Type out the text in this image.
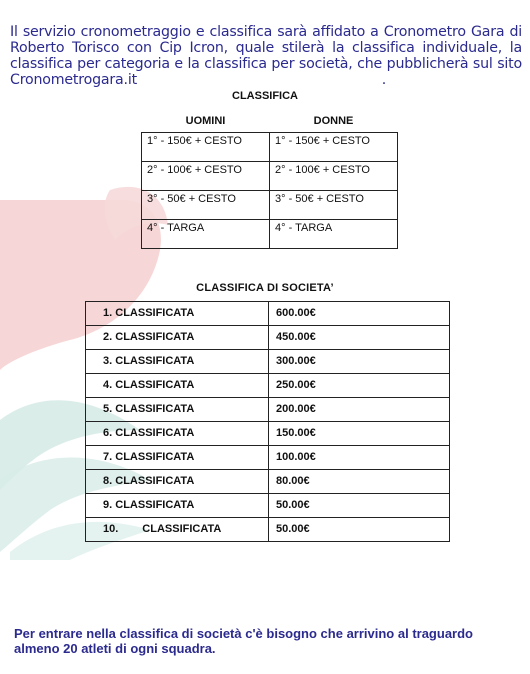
Il servizio cronometraggio e classifica sarà affidato a Cronometro Gara di Roberto Torisco con Cip Icron, quale stilerà la classifica individuale, la classifica per categoria e la classifica per società, che pubblicherà sul sito Cronometrogara.it	.

CLASSIFICA
UOMINI	DONNE
1° - 150€ + CESTO	1° - 150€ + CESTO
2° - 100€ + CESTO	2° - 100€ + CESTO
3° - 50€ + CESTO	3° - 50€ + CESTO
4° - TARGA	4° - TARGA
CLASSIFICA DI SOCIETA’
1. CLASSIFICATA	600.00€
2. CLASSIFICATA	450.00€
3. CLASSIFICATA	300.00€
4. CLASSIFICATA	250.00€
5. CLASSIFICATA	200.00€
6. CLASSIFICATA	150.00€
7. CLASSIFICATA	100.00€
8. CLASSIFICATA	80.00€
9. CLASSIFICATA	50.00€
10. CLASSIFICATA	50.00€

Per entrare nella classifica di società c'è bisogno che arrivino al traguardo almeno 20 atleti di ogni squadra.
